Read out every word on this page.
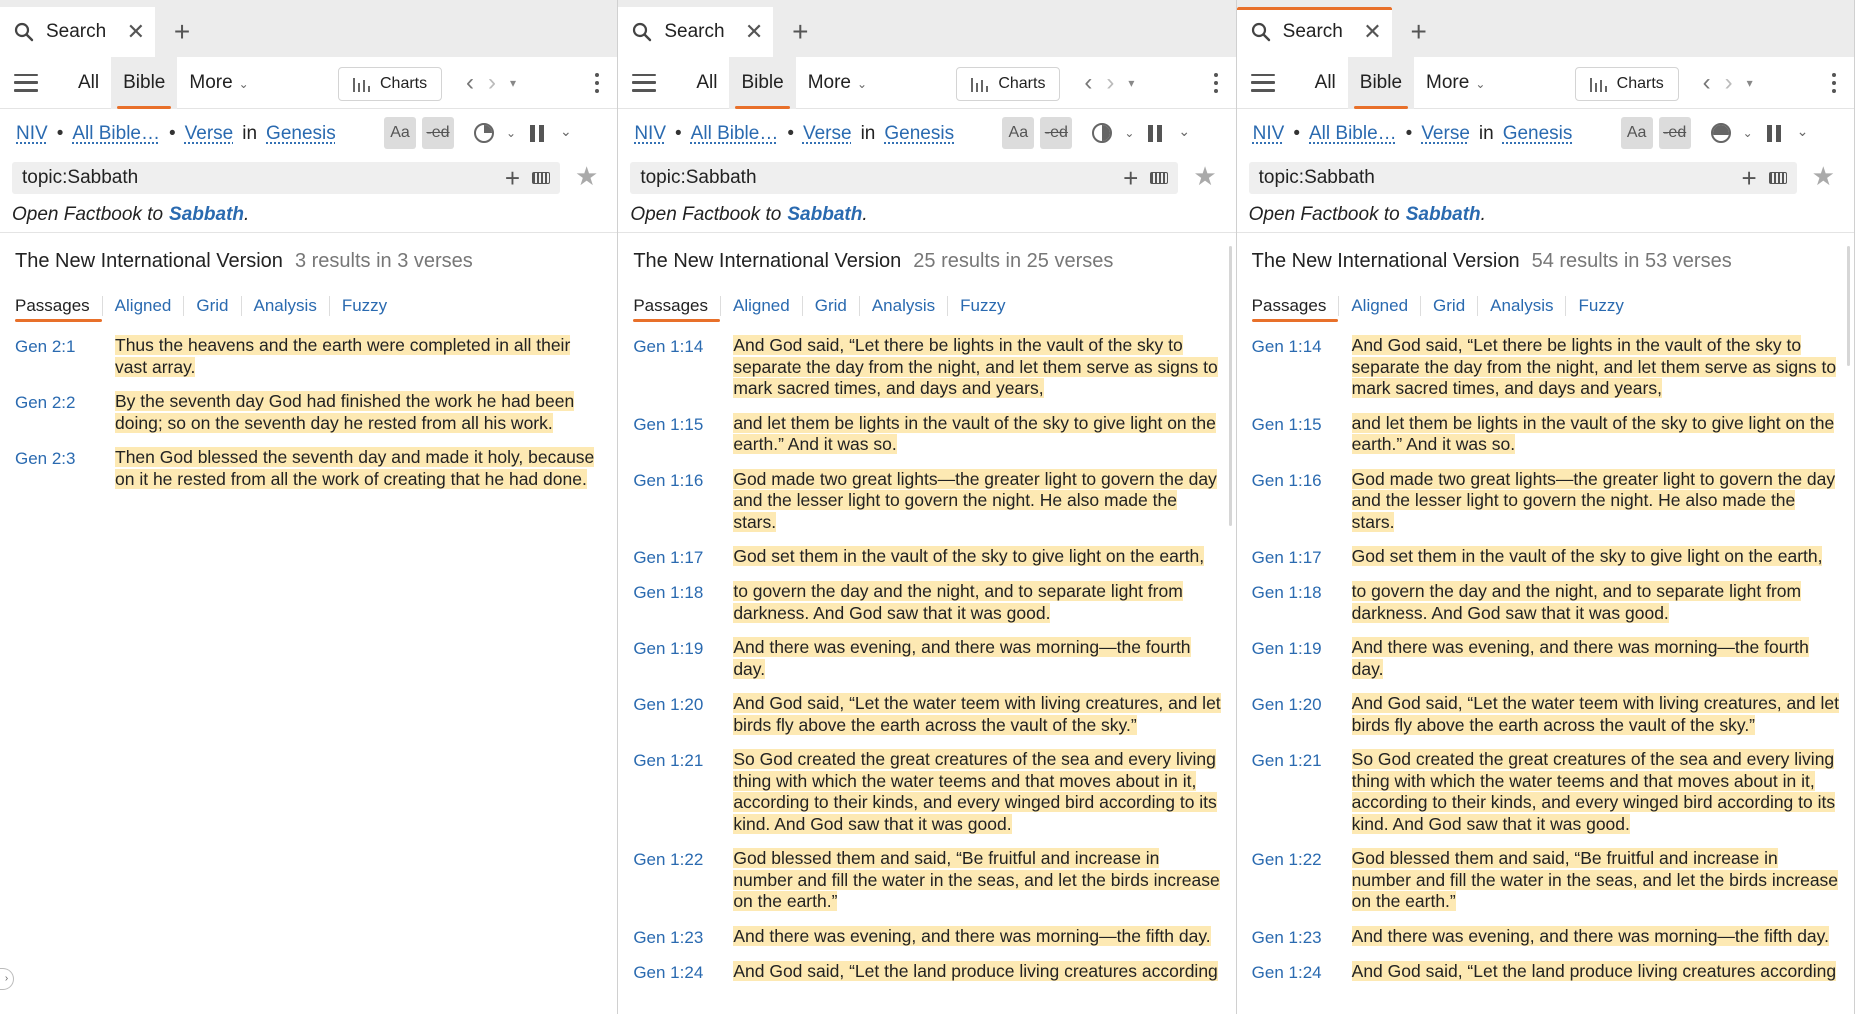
Search ✕	+
All	Bible	More ⌄	Charts ‹ › ▾
NIV • All Bible… • Verse in Genesis	Aa	-ed	⌄	⌄
topic:Sabbath	+ ★
Open Factbook to Sabbath .
The New International Version 3 results in 3 verses
Passages	Aligned	Grid	Analysis	Fuzzy
Gen 2:1	Thus the heavens and the earth were completed in all their vast array.
Gen 2:2	By the seventh day God had finished the work he had been doing; so on the seventh day he rested from all his work.
Gen 2:3	Then God blessed the seventh day and made it holy, because on it he rested from all the work of creating that he had done.
Search ✕	+
All	Bible	More ⌄	Charts ‹ › ▾
NIV • All Bible… • Verse in Genesis	Aa	-ed	⌄	⌄
topic:Sabbath	+ ★
Open Factbook to Sabbath .
The New International Version 25 results in 25 verses
Passages	Aligned	Grid	Analysis	Fuzzy
Gen 1:14	And God said, “Let there be lights in the vault of the sky to separate the day from the night, and let them serve as signs to mark sacred times, and days and years,
Gen 1:15	and let them be lights in the vault of the sky to give light on the earth.” And it was so.
Gen 1:16	God made two great lights—the greater light to govern the day and the lesser light to govern the night. He also made the stars.
Gen 1:17	God set them in the vault of the sky to give light on the earth,
Gen 1:18	to govern the day and the night, and to separate light from darkness. And God saw that it was good.
Gen 1:19	And there was evening, and there was morning—the fourth day.
Gen 1:20	And God said, “Let the water teem with living creatures, and let birds fly above the earth across the vault of the sky.”
Gen 1:21	So God created the great creatures of the sea and every living thing with which the water teems and that moves about in it, according to their kinds, and every winged bird according to its kind. And God saw that it was good.
Gen 1:22	God blessed them and said, “Be fruitful and increase in number and fill the water in the seas, and let the birds increase on the earth.”
Gen 1:23	And there was evening, and there was morning—the fifth day.
Gen 1:24	And God said, “Let the land produce living creatures according
Search ✕	+
All	Bible	More ⌄	Charts ‹ › ▾
NIV • All Bible… • Verse in Genesis	Aa	-ed	⌄	⌄
topic:Sabbath	+ ★
Open Factbook to Sabbath .
The New International Version 54 results in 53 verses
Passages	Aligned	Grid	Analysis	Fuzzy
Gen 1:14	And God said, “Let there be lights in the vault of the sky to separate the day from the night, and let them serve as signs to mark sacred times, and days and years,
Gen 1:15	and let them be lights in the vault of the sky to give light on the earth.” And it was so.
Gen 1:16	God made two great lights—the greater light to govern the day and the lesser light to govern the night. He also made the stars.
Gen 1:17	God set them in the vault of the sky to give light on the earth,
Gen 1:18	to govern the day and the night, and to separate light from darkness. And God saw that it was good.
Gen 1:19	And there was evening, and there was morning—the fourth day.
Gen 1:20	And God said, “Let the water teem with living creatures, and let birds fly above the earth across the vault of the sky.”
Gen 1:21	So God created the great creatures of the sea and every living thing with which the water teems and that moves about in it, according to their kinds, and every winged bird according to its kind. And God saw that it was good.
Gen 1:22	God blessed them and said, “Be fruitful and increase in number and fill the water in the seas, and let the birds increase on the earth.”
Gen 1:23	And there was evening, and there was morning—the fifth day.
Gen 1:24	And God said, “Let the land produce living creatures according
›
